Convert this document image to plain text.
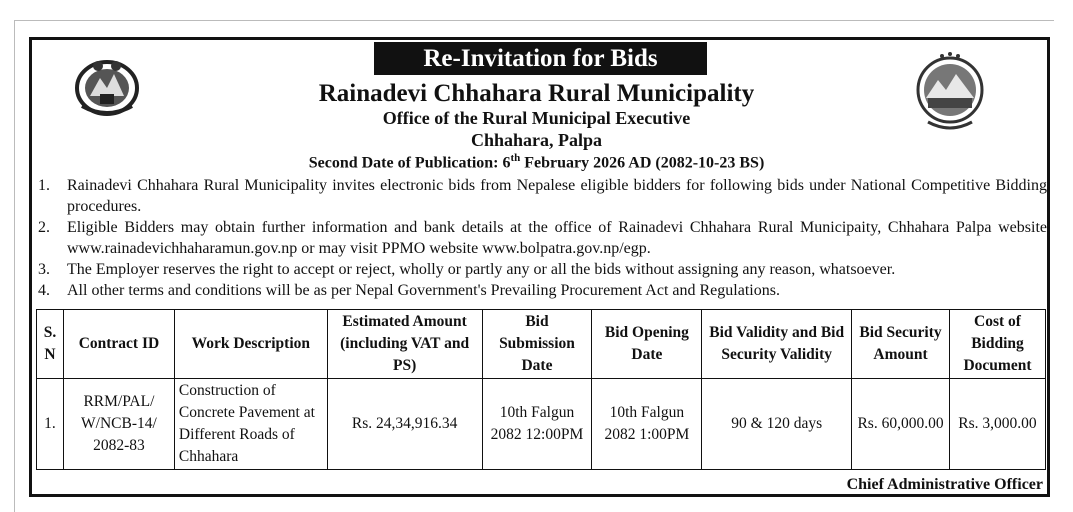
Re-Invitation for Bids
Rainadevi Chhahara Rural Municipality
Office of the Rural Municipal Executive
Chhahara, Palpa
Second Date of Publication: 6th February 2026 AD (2082-10-23 BS)
1. Rainadevi Chhahara Rural Municipality invites electronic bids from Nepalese eligible bidders for following bids under National Competitive Bidding procedures.
2. Eligible Bidders may obtain further information and bank details at the office of Rainadevi Chhahara Rural Municipaity, Chhahara Palpa website www.rainadevichhaharamun.gov.np or may visit PPMO website www.bolpatra.gov.np/egp.
3. The Employer reserves the right to accept or reject, wholly or partly any or all the bids without assigning any reason, whatsoever.
4. All other terms and conditions will be as per Nepal Government's Prevailing Procurement Act and Regulations.
S. N	Contract ID	Work Description	Estimated Amount (including VAT and PS)	Bid Submission Date	Bid Opening Date	Bid Validity and Bid Security Validity	Bid Security Amount	Cost of Bidding Document
1.	RRM/PAL/ W/NCB-14/ 2082-83	Construction of Concrete Pavement at Different Roads of Chhahara	Rs. 24,34,916.34	10th Falgun 2082 12:00PM	10th Falgun 2082 1:00PM	90 & 120 days	Rs. 60,000.00	Rs. 3,000.00
Chief Administrative Officer
